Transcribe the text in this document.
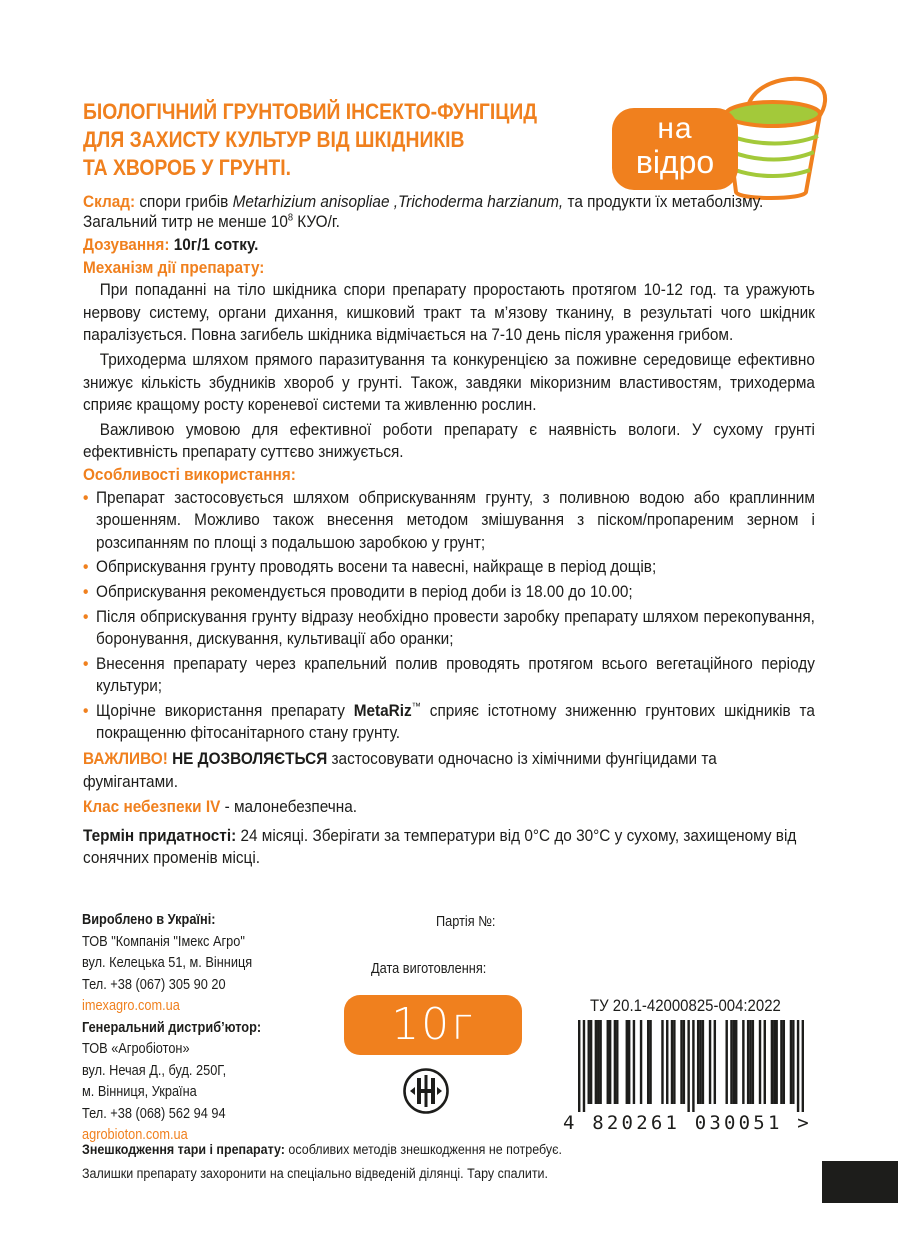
БІОЛОГІЧНИЙ ГРУНТОВИЙ ІНСЕКТО-ФУНГІЦИД
ДЛЯ ЗАХИСТУ КУЛЬТУР ВІД ШКІДНИКІВ
ТА ХВОРОБ У ГРУНТІ.
на
відро

Склад: спори грибів Metarhizium anisopliae ,Trichoderma harzianum, та продукти їх метаболізму. Загальний титр не менше $10^8$ КУО/г.

Дозування: 10г/1 сотку.

Механізм дії препарату:

При попаданні на тіло шкідника спори препарату проростають протягом 10-12 год. та уражують нервову систему, органи дихання, кишковий тракт та м’язову тканину, в результаті чого шкідник паралізується. Повна загибель шкідника відмічається на 7-10 день після ураження грибом.

Триходерма шляхом прямого паразитування та конкуренцією за поживне середовище ефективно знижує кількість збудників хвороб у грунті. Також, завдяки мікоризним властивостям, триходерма сприяє кращому росту кореневої системи та живленню рослин.

Важливою умовою для ефективної роботи препарату є наявність вологи. У сухому грунті ефективність препарату суттєво знижується.

Особливості використання:

• Препарат застосовується шляхом обприскуванням грунту, з поливною водою або краплинним зрошенням. Можливо також внесення методом змішування з піском/пропареним зерном і розсипанням по площі з подальшою заробкою у грунт;

• Обприскування грунту проводять восени та навесні, найкраще в період дощів;

• Обприскування рекомендується проводити в період доби із 18.00 до 10.00;

• Після обприскування грунту відразу необхідно провести заробку препарату шляхом перекопування, боронування, дискування, культивації або оранки;

• Внесення препарату через крапельний полив проводять протягом всього вегетаційного періоду культури;

• Щорічне використання препарату MetaRiz™ сприяє істотному зниженню грунтових шкідників та покращенню фітосанітарного стану грунту.

ВАЖЛИВО! НЕ ДОЗВОЛЯЄТЬСЯ застосовувати одночасно із хімічними фунгіцидами та фумігантами.

Клас небезпеки IV - малонебезпечна.

Термін придатності: 24 місяці. Зберігати за температури від 0°С до 30°С у сухому, захищеному від сонячних променів місці.

Вироблено в Україні:
ТОВ "Компанія "Імекс Агро"
вул. Келецька 51, м. Вінниця
Тел. +38 (067) 305 90 20
imexagro.com.ua
Генеральний дистриб’ютор:
ТОВ «Агробіотон»
вул. Нечая Д., буд. 250Г,
м. Вінниця, Україна
Тел. +38 (068) 562 94 94
agrobioton.com.ua
Партія №:
Дата виготовлення:
10г	ТУ 20.1-42000825-004:2022
4 820261 030051 >
Знешкодження тари і препарату: особливих методів знешкодження не потребує.
Залишки препарату захоронити на спеціально відведеній ділянці. Тару спалити.
